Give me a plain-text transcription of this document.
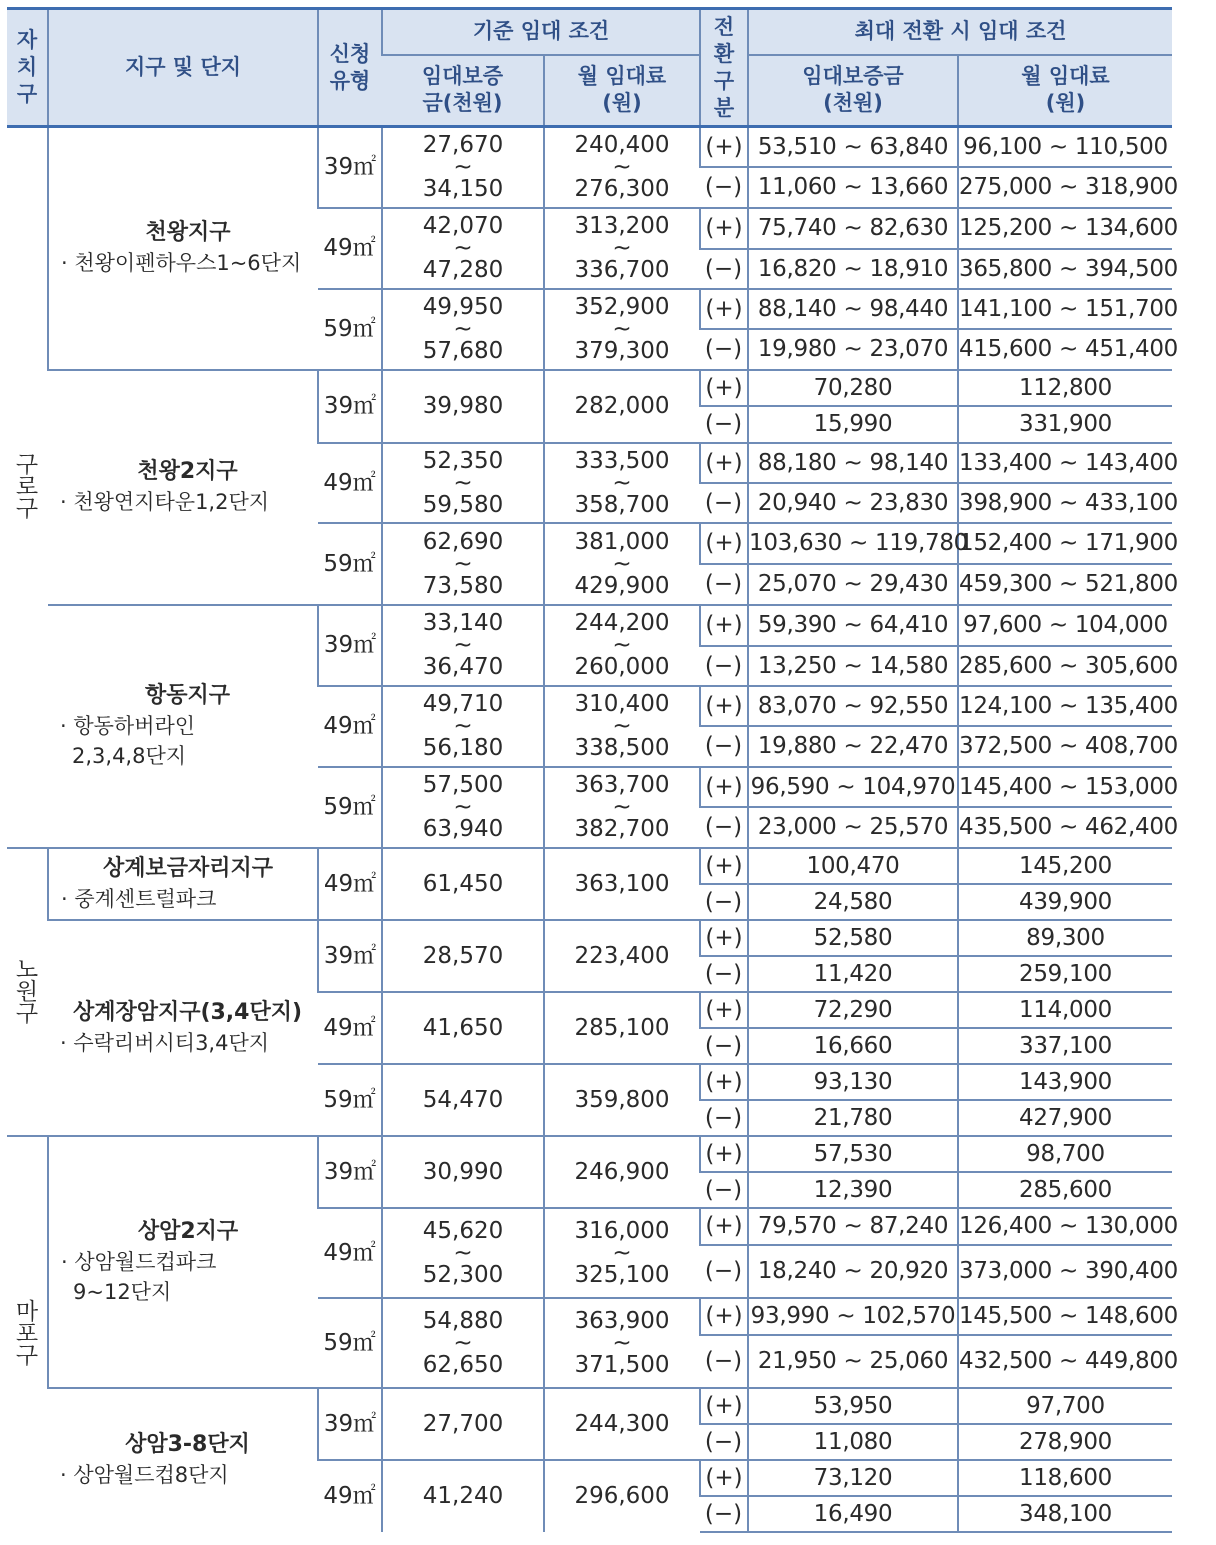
자치구	지구 및 단지	신청유형	기준 임대 조건		전환구분	최대 전환 시 임대 조건	
			임대보증금(천원)	월 임대료(원)		임대보증금(천원)	월 임대료(원)
구로구	천왕지구
· 천왕이펜하우스1~6단지	39㎡	27,670
~
34,150	240,400
~
276,300	(+)	53,510 ~ 63,840	96,100 ~ 110,500
					(−)	11,060 ~ 13,660	275,000 ~ 318,900
		49㎡	42,070
~
47,280	313,200
~
336,700	(+)	75,740 ~ 82,630	125,200 ~ 134,600
					(−)	16,820 ~ 18,910	365,800 ~ 394,500
		59㎡	49,950
~
57,680	352,900
~
379,300	(+)	88,140 ~ 98,440	141,100 ~ 151,700
					(−)	19,980 ~ 23,070	415,600 ~ 451,400

	천왕2지구
· 천왕연지타운1,2단지	39㎡	39,980	282,000	(+)	70,280	112,800
					(−)	15,990	331,900
		49㎡	52,350
~
59,580	333,500
~
358,700	(+)	88,180 ~ 98,140	133,400 ~ 143,400
					(−)	20,940 ~ 23,830	398,900 ~ 433,100
		59㎡	62,690
~
73,580	381,000
~
429,900	(+)	103,630 ~ 119,780	152,400 ~ 171,900
					(−)	25,070 ~ 29,430	459,300 ~ 521,800

	항동지구
· 항동하버라인
2,3,4,8단지	39㎡	33,140
~
36,470	244,200
~
260,000	(+)	59,390 ~ 64,410	97,600 ~ 104,000
					(−)	13,250 ~ 14,580	285,600 ~ 305,600
		49㎡	49,710
~
56,180	310,400
~
338,500	(+)	83,070 ~ 92,550	124,100 ~ 135,400
					(−)	19,880 ~ 22,470	372,500 ~ 408,700
		59㎡	57,500
~
63,940	363,700
~
382,700	(+)	96,590 ~ 104,970	145,400 ~ 153,000
					(−)	23,000 ~ 25,570	435,500 ~ 462,400
노원구	상계보금자리지구
· 중계센트럴파크	49㎡	61,450	363,100	(+)	100,470	145,200
					(−)	24,580	439,900

	상계장암지구(3,4단지)
· 수락리버시티3,4단지	39㎡	28,570	223,400	(+)	52,580	89,300
					(−)	11,420	259,100
		49㎡	41,650	285,100	(+)	72,290	114,000
					(−)	16,660	337,100
		59㎡	54,470	359,800	(+)	93,130	143,900
					(−)	21,780	427,900
마포구	상암2지구
· 상암월드컵파크
9~12단지	39㎡	30,990	246,900	(+)	57,530	98,700
					(−)	12,390	285,600
		49㎡	45,620
~
52,300	316,000
~
325,100	(+)	79,570 ~ 87,240	126,400 ~ 130,000
					(−)	18,240 ~ 20,920	373,000 ~ 390,400
		59㎡	54,880
~
62,650	363,900
~
371,500	(+)	93,990 ~ 102,570	145,500 ~ 148,600
					(−)	21,950 ~ 25,060	432,500 ~ 449,800

	상암3-8단지
· 상암월드컵8단지	39㎡	27,700	244,300	(+)	53,950	97,700
					(−)	11,080	278,900
		49㎡	41,240	296,600	(+)	73,120	118,600
					(−)	16,490	348,100
